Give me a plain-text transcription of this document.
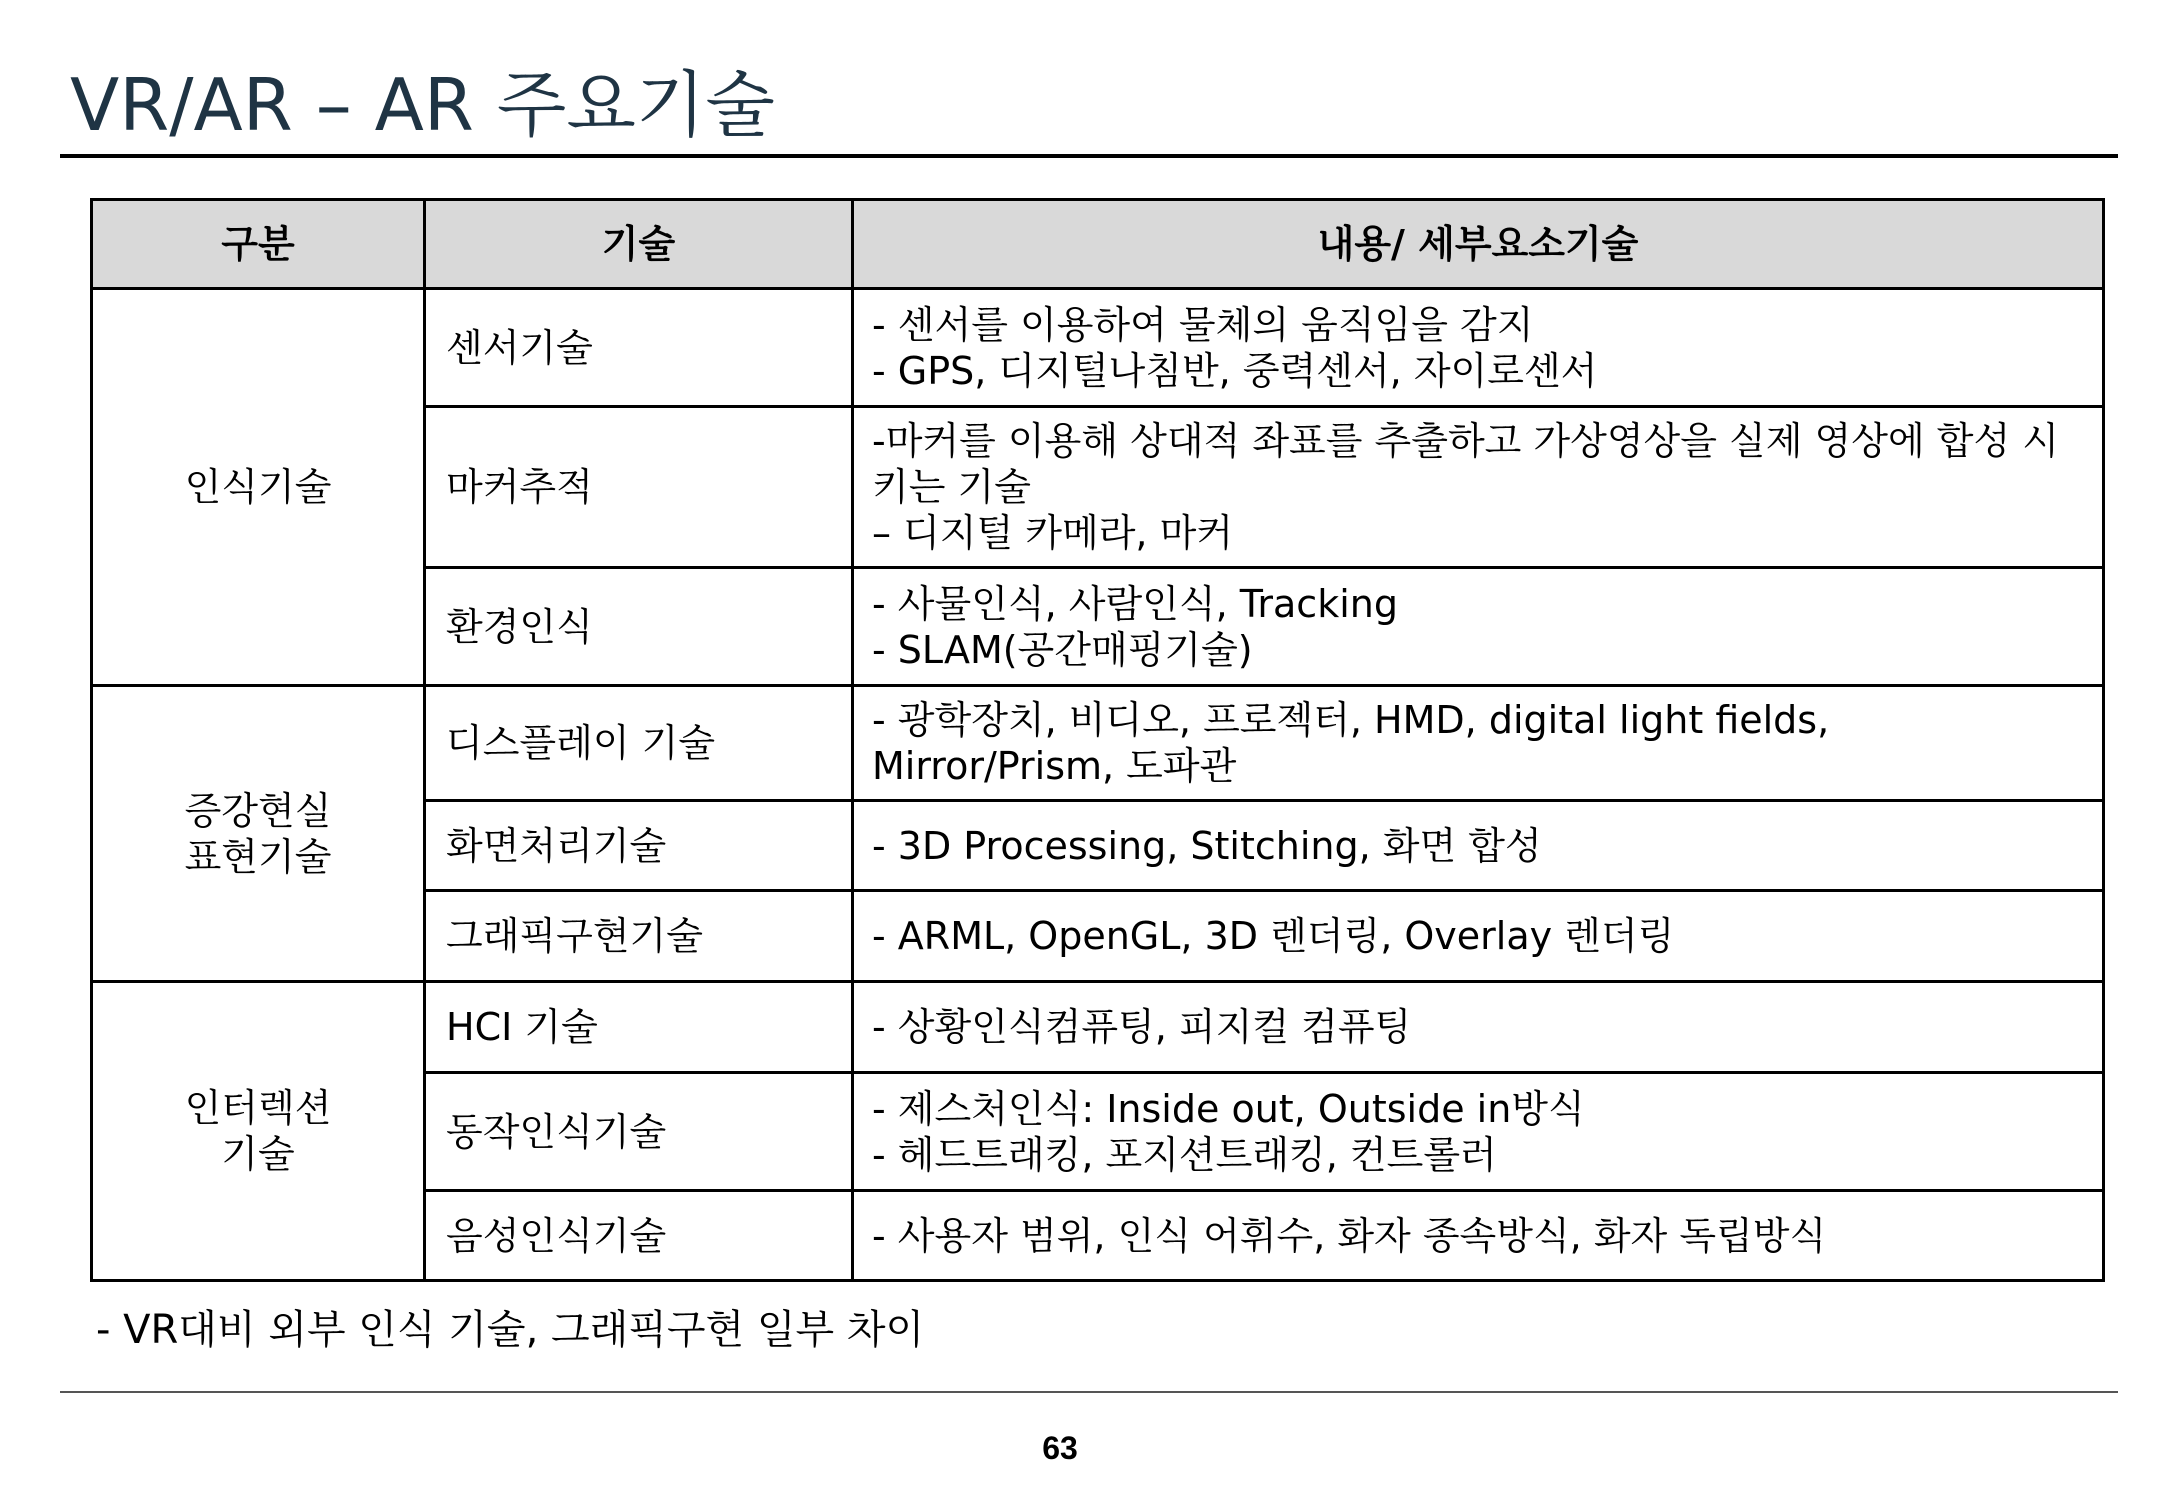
VR/AR – AR 주요기술
구분	기술	내용/ 세부요소기술

인식기술	센서기술	- 센서를 이용하여 물체의 움직임을 감지
- GPS, 디지털나침반, 중력센서, 자이로센서

	마커추적	-마커를 이용해 상대적 좌표를 추출하고 가상영상을 실제 영상에 합성 시키는 기술
– 디지털 카메라, 마커

	환경인식	- 사물인식, 사람인식, Tracking
- SLAM(공간매핑기술)

증강현실
표현기술	디스플레이 기술	- 광학장치, 비디오, 프로젝터, HMD, digital light fields, Mirror/Prism, 도파관

	화면처리기술	- 3D Processing, Stitching, 화면 합성

	그래픽구현기술	- ARML, OpenGL, 3D 렌더링, Overlay 렌더링

인터렉션
기술	HCI 기술	- 상황인식컴퓨팅, 피지컬 컴퓨팅

	동작인식기술	- 제스처인식: Inside out, Outside in방식
- 헤드트래킹, 포지션트래킹, 컨트롤러

	음성인식기술	- 사용자 범위, 인식 어휘수, 화자 종속방식, 화자 독립방식
- VR대비 외부 인식 기술, 그래픽구현 일부 차이
63
